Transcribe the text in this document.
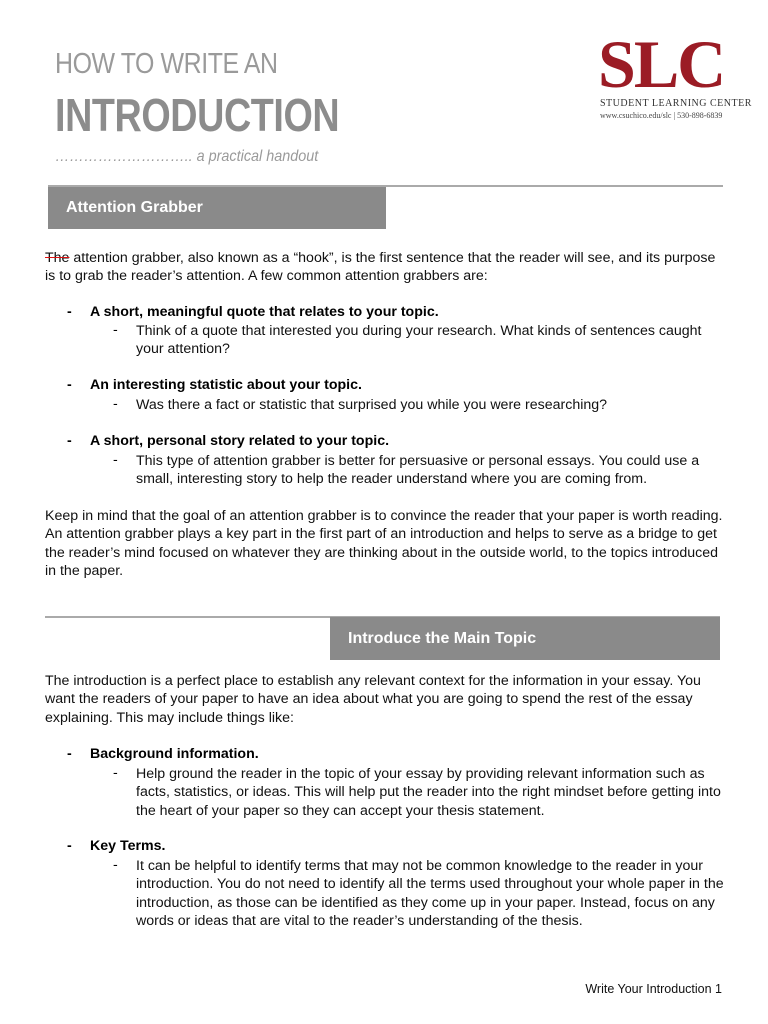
HOW TO WRITE AN
INTRODUCTION
……………………….. a practical handout
SLC
STUDENT LEARNING CENTER
www.csuchico.edu/slc | 530-898-6839
Attention Grabber
The attention grabber, also known as a “hook”, is the first sentence that the reader will see, and its purpose is to grab the reader’s attention. A few common attention grabbers are:
- A short, meaningful quote that relates to your topic.
- Think of a quote that interested you during your research. What kinds of sentences caught your attention?
- An interesting statistic about your topic.
- Was there a fact or statistic that surprised you while you were researching?
- A short, personal story related to your topic.
- This type of attention grabber is better for persuasive or personal essays. You could use a small, interesting story to help the reader understand where you are coming from.
Keep in mind that the goal of an attention grabber is to convince the reader that your paper is worth reading. An attention grabber plays a key part in the first part of an introduction and helps to serve as a bridge to get the reader’s mind focused on whatever they are thinking about in the outside world, to the topics introduced in the paper.
Introduce the Main Topic
The introduction is a perfect place to establish any relevant context for the information in your essay. You want the readers of your paper to have an idea about what you are going to spend the rest of the essay explaining. This may include things like:
- Background information.
- Help ground the reader in the topic of your essay by providing relevant information such as facts, statistics, or ideas. This will help put the reader into the right mindset before getting into the heart of your paper so they can accept your thesis statement.
- Key Terms.
- It can be helpful to identify terms that may not be common knowledge to the reader in your introduction. You do not need to identify all the terms used throughout your whole paper in the introduction, as those can be identified as they come up in your paper. Instead, focus on any words or ideas that are vital to the reader’s understanding of the thesis.
Write Your Introduction 1
